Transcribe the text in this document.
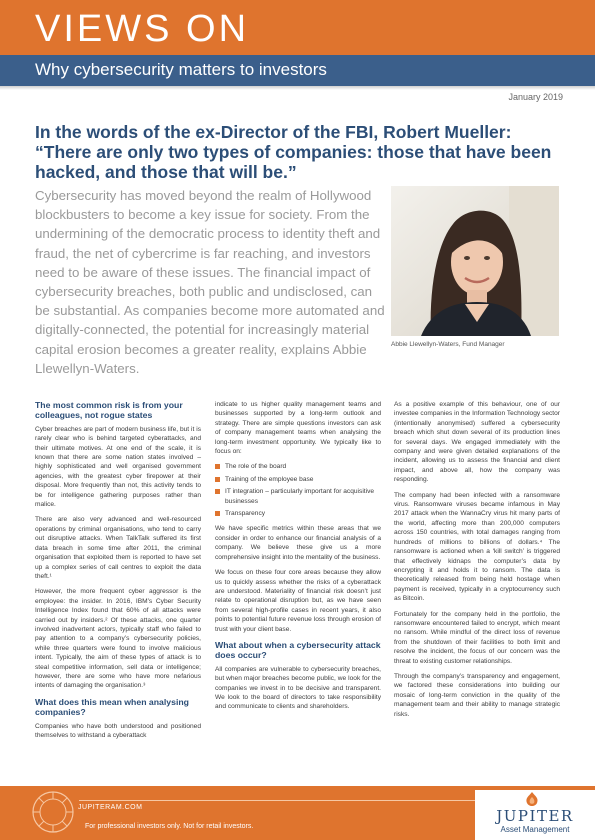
VIEWS ON
Why cybersecurity matters to investors
January 2019
In the words of the ex-Director of the FBI, Robert Mueller: “There are only two types of companies: those that have been hacked, and those that will be.”
Cybersecurity has moved beyond the realm of Hollywood blockbusters to become a key issue for society. From the undermining of the democratic process to identity theft and fraud, the net of cybercrime is far reaching, and investors need to be aware of these issues. The financial impact of cybersecurity breaches, both public and undisclosed, can be substantial. As companies become more automated and digitally-connected, the potential for increasingly material capital erosion becomes a greater reality, explains Abbie Llewellyn-Waters.
Abbie Llewellyn-Waters, Fund Manager
The most common risk is from your colleagues, not rogue states

Cyber breaches are part of modern business life, but it is rarely clear who is behind targeted cyberattacks, and their ultimate motives. At one end of the scale, it is known that there are some nation states involved – highly sophisticated and well organised government agencies, with the greatest cyber firepower at their disposal. More frequently than not, this activity tends to be for intelligence gathering purposes rather than malice.

There are also very advanced and well-resourced operations by criminal organisations, who tend to carry out disruptive attacks. When TalkTalk suffered its first data breach in some time after 2011, the criminal organisation that exploited them is reported to have set up a complex series of call centres to exploit the data theft.¹

However, the more frequent cyber aggressor is the employee: the insider. In 2016, IBM’s Cyber Security Intelligence Index found that 60% of all attacks were carried out by insiders.² Of these attacks, one quarter involved inadvertent actors, typically staff who failed to pay attention to a company’s cybersecurity policies, while three quarters were found to involve malicious intent. Typically, the aim of these types of attack is to steal competitive information, sell data or intelligence; however, there are some who have more nefarious intents of damaging the organisation.³

What does this mean when analysing companies?

Companies who have both understood and positioned themselves to withstand a cyberattack

indicate to us higher quality management teams and businesses supported by a long-term outlook and strategy. There are simple questions investors can ask of company management teams when analysing the long-term investment opportunity. We typically like to focus on:

The role of the board
Training of the employee base
IT integration – particularly important for acquisitive businesses
Transparency

We have specific metrics within these areas that we consider in order to enhance our financial analysis of a company. We believe these give us a more comprehensive insight into the mentality of the business.

We focus on these four core areas because they allow us to quickly assess whether the risks of a cyberattack are understood. Materiality of financial risk doesn’t just relate to operational disruption but, as we have seen from several high-profile cases in recent years, it also points to potential future revenue loss through erosion of trust with your client base.

What about when a cybersecurity attack does occur?

All companies are vulnerable to cybersecurity breaches, but when major breaches become public, we look for the companies we invest in to be decisive and transparent. We look to the board of directors to take responsibility and communicate to clients and shareholders.

As a positive example of this behaviour, one of our investee companies in the Information Technology sector (intentionally anonymised) suffered a cybersecurity breach which shut down several of its production lines for several days. We engaged immediately with the company and were given detailed explanations of the incident, allowing us to assess the financial and client impact, and above all, how the company was responding.

The company had been infected with a ransomware virus. Ransomware viruses became infamous in May 2017 attack when the WannaCry virus hit many parts of the world, affecting more than 200,000 computers across 150 countries, with total damages ranging from hundreds of millions to billions of dollars.⁴ The ransomware is actioned when a ‘kill switch’ is triggered that effectively kidnaps the computer’s data by encrypting it and holds it to ransom. The data is theoretically released from being held hostage when payment is received, typically in a cryptocurrency such as Bitcoin.

Fortunately for the company held in the portfolio, the ransomware encountered failed to encrypt, which meant no ransom. While mindful of the direct loss of revenue from the shutdown of their facilities to both limit and resolve the incident, the focus of our concern was the threat to existing customer relationships.

Through the company’s transparency and engagement, we factored these considerations into building our mosaic of long-term conviction in the quality of the management team and their ability to manage strategic risks.

JUPITERAM.COM
For professional investors only. Not for retail investors.
JUPITER
Asset Management
